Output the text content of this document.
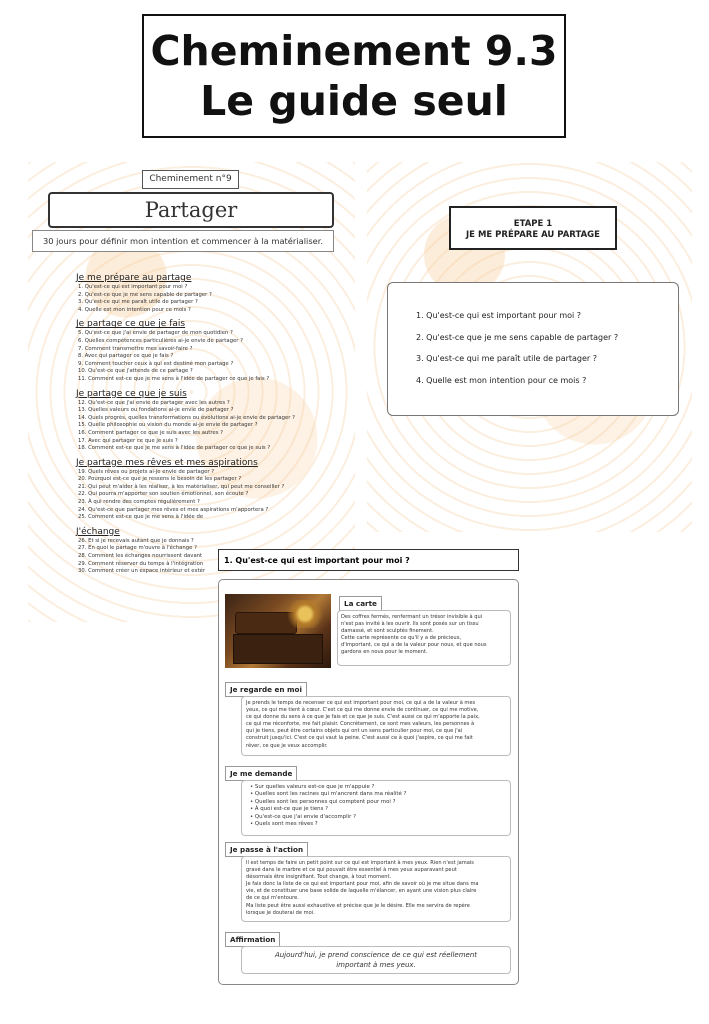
Cheminement 9.3
Le guide seul
Cheminement n°9
Partager
30 jours pour définir mon intention et commencer à la matérialiser.
Je me prépare au partage
1. Qu'est-ce qui est important pour moi ?
2. Qu'est-ce que je me sens capable de partager ?
3. Qu'est-ce qui me paraît utile de partager ?
4. Quelle est mon intention pour ce mois ?
Je partage ce que je fais
5. Qu'est-ce que j'ai envie de partager de mon quotidien ?
6. Quelles compétences particulières ai-je envie de partager ?
7. Comment transmettre mes savoir-faire ?
8. Avec qui partager ce que je fais ?
9. Comment toucher ceux à qui est destiné mon partage ?
10. Qu'est-ce que j'attends de ce partage ?
11. Comment est-ce que je me sens à l'idée de partager ce que je fais ?
Je partage ce que je suis
12. Qu'est-ce que j'ai envie de partager avec les autres ?
13. Quelles valeurs ou fondations ai-je envie de partager ?
14. Quels progrès, quelles transformations ou évolutions ai-je envie de partager ?
15. Quelle philosophie ou vision du monde ai-je envie de partager ?
16. Comment partager ce que je suis avec les autres ?
17. Avec qui partager ce que je suis ?
18. Comment est-ce que je me sens à l'idée de partager ce que je suis ?
Je partage mes rêves et mes aspirations
19. Quels rêves ou projets ai-je envie de partager ?
20. Pourquoi est-ce que je ressens le besoin de les partager ?
21. Qui peut m'aider à les réaliser, à les matérialiser, qui peut me conseiller ?
22. Qui pourra m'apporter son soutien émotionnel, son écoute ?
23. À qui rendre des comptes régulièrement ?
24. Qu'est-ce que partager mes rêves et mes aspirations m'apportera ?
25. Comment est-ce que je me sens à l'idée de
J'échange
26. Et si je recevais autant que je donnais ?
27. En quoi le partage m'ouvre à l'échange ?
28. Comment les échanges nourrissent davant
29. Comment réserver du temps à l'intégration
30. Comment créer un espace intérieur et extér
ETAPE 1
JE ME PRÉPARE AU PARTAGE
1. Qu'est-ce qui est important pour moi ?
2. Qu'est-ce que je me sens capable de partager ?
3. Qu'est-ce qui me paraît utile de partager ?
4. Quelle est mon intention pour ce mois ?
1. Qu'est-ce qui est important pour moi ?
La carte
Des coffres fermés, renfermant un trésor invisible à qui
n'est pas invité à les ouvrir. Ils sont posés sur un tissu
damassé, et sont sculptés finement.
Cette carte représente ce qu'il y a de précieux,
d'important, ce qui a de la valeur pour nous, et que nous
gardons en nous pour le moment.
Je regarde en moi
Je prends le temps de recenser ce qui est important pour moi, ce qui a de la valeur à mes
yeux, ce qui me tient à cœur. C'est ce qui me donne envie de continuer, ce qui me motive,
ce qui donne du sens à ce que je fais et ce que je suis. C'est aussi ce qui m'apporte la paix,
ce qui me réconforte, me fait plaisir. Concrètement, ce sont mes valeurs, les personnes à
qui je tiens, peut être certains objets qui ont un sens particulier pour moi, ce que j'ai
construit jusqu'ici. C'est ce qui vaut la peine. C'est aussi ce à quoi j'aspire, ce qui me fait
rêver, ce que je veux accomplir.
Je me demande
• Sur quelles valeurs est-ce que je m'appuie ?
• Quelles sont les racines qui m'ancrent dans ma réalité ?
• Quelles sont les personnes qui comptent pour moi ?
• À quoi est-ce que je tiens ?
• Qu'est-ce que j'ai envie d'accomplir ?
• Quels sont mes rêves ?
Je passe à l'action
Il est temps de faire un petit point sur ce qui est important à mes yeux. Rien n'est jamais
gravé dans le marbre et ce qui pouvait être essentiel à mes yeux auparavant peut
désormais être insignifiant. Tout change, à tout moment.
Je fais donc la liste de ce qui est important pour moi, afin de savoir où je me situe dans ma
vie, et de constituer une base solide de laquelle m'élancer, en ayant une vision plus claire
de ce qui m'entoure.
Ma liste peut être aussi exhaustive et précise que je le désire. Elle me servira de repère
lorsque je douterai de moi.
Affirmation
Aujourd'hui, je prend conscience de ce qui est réellement important à mes yeux.
